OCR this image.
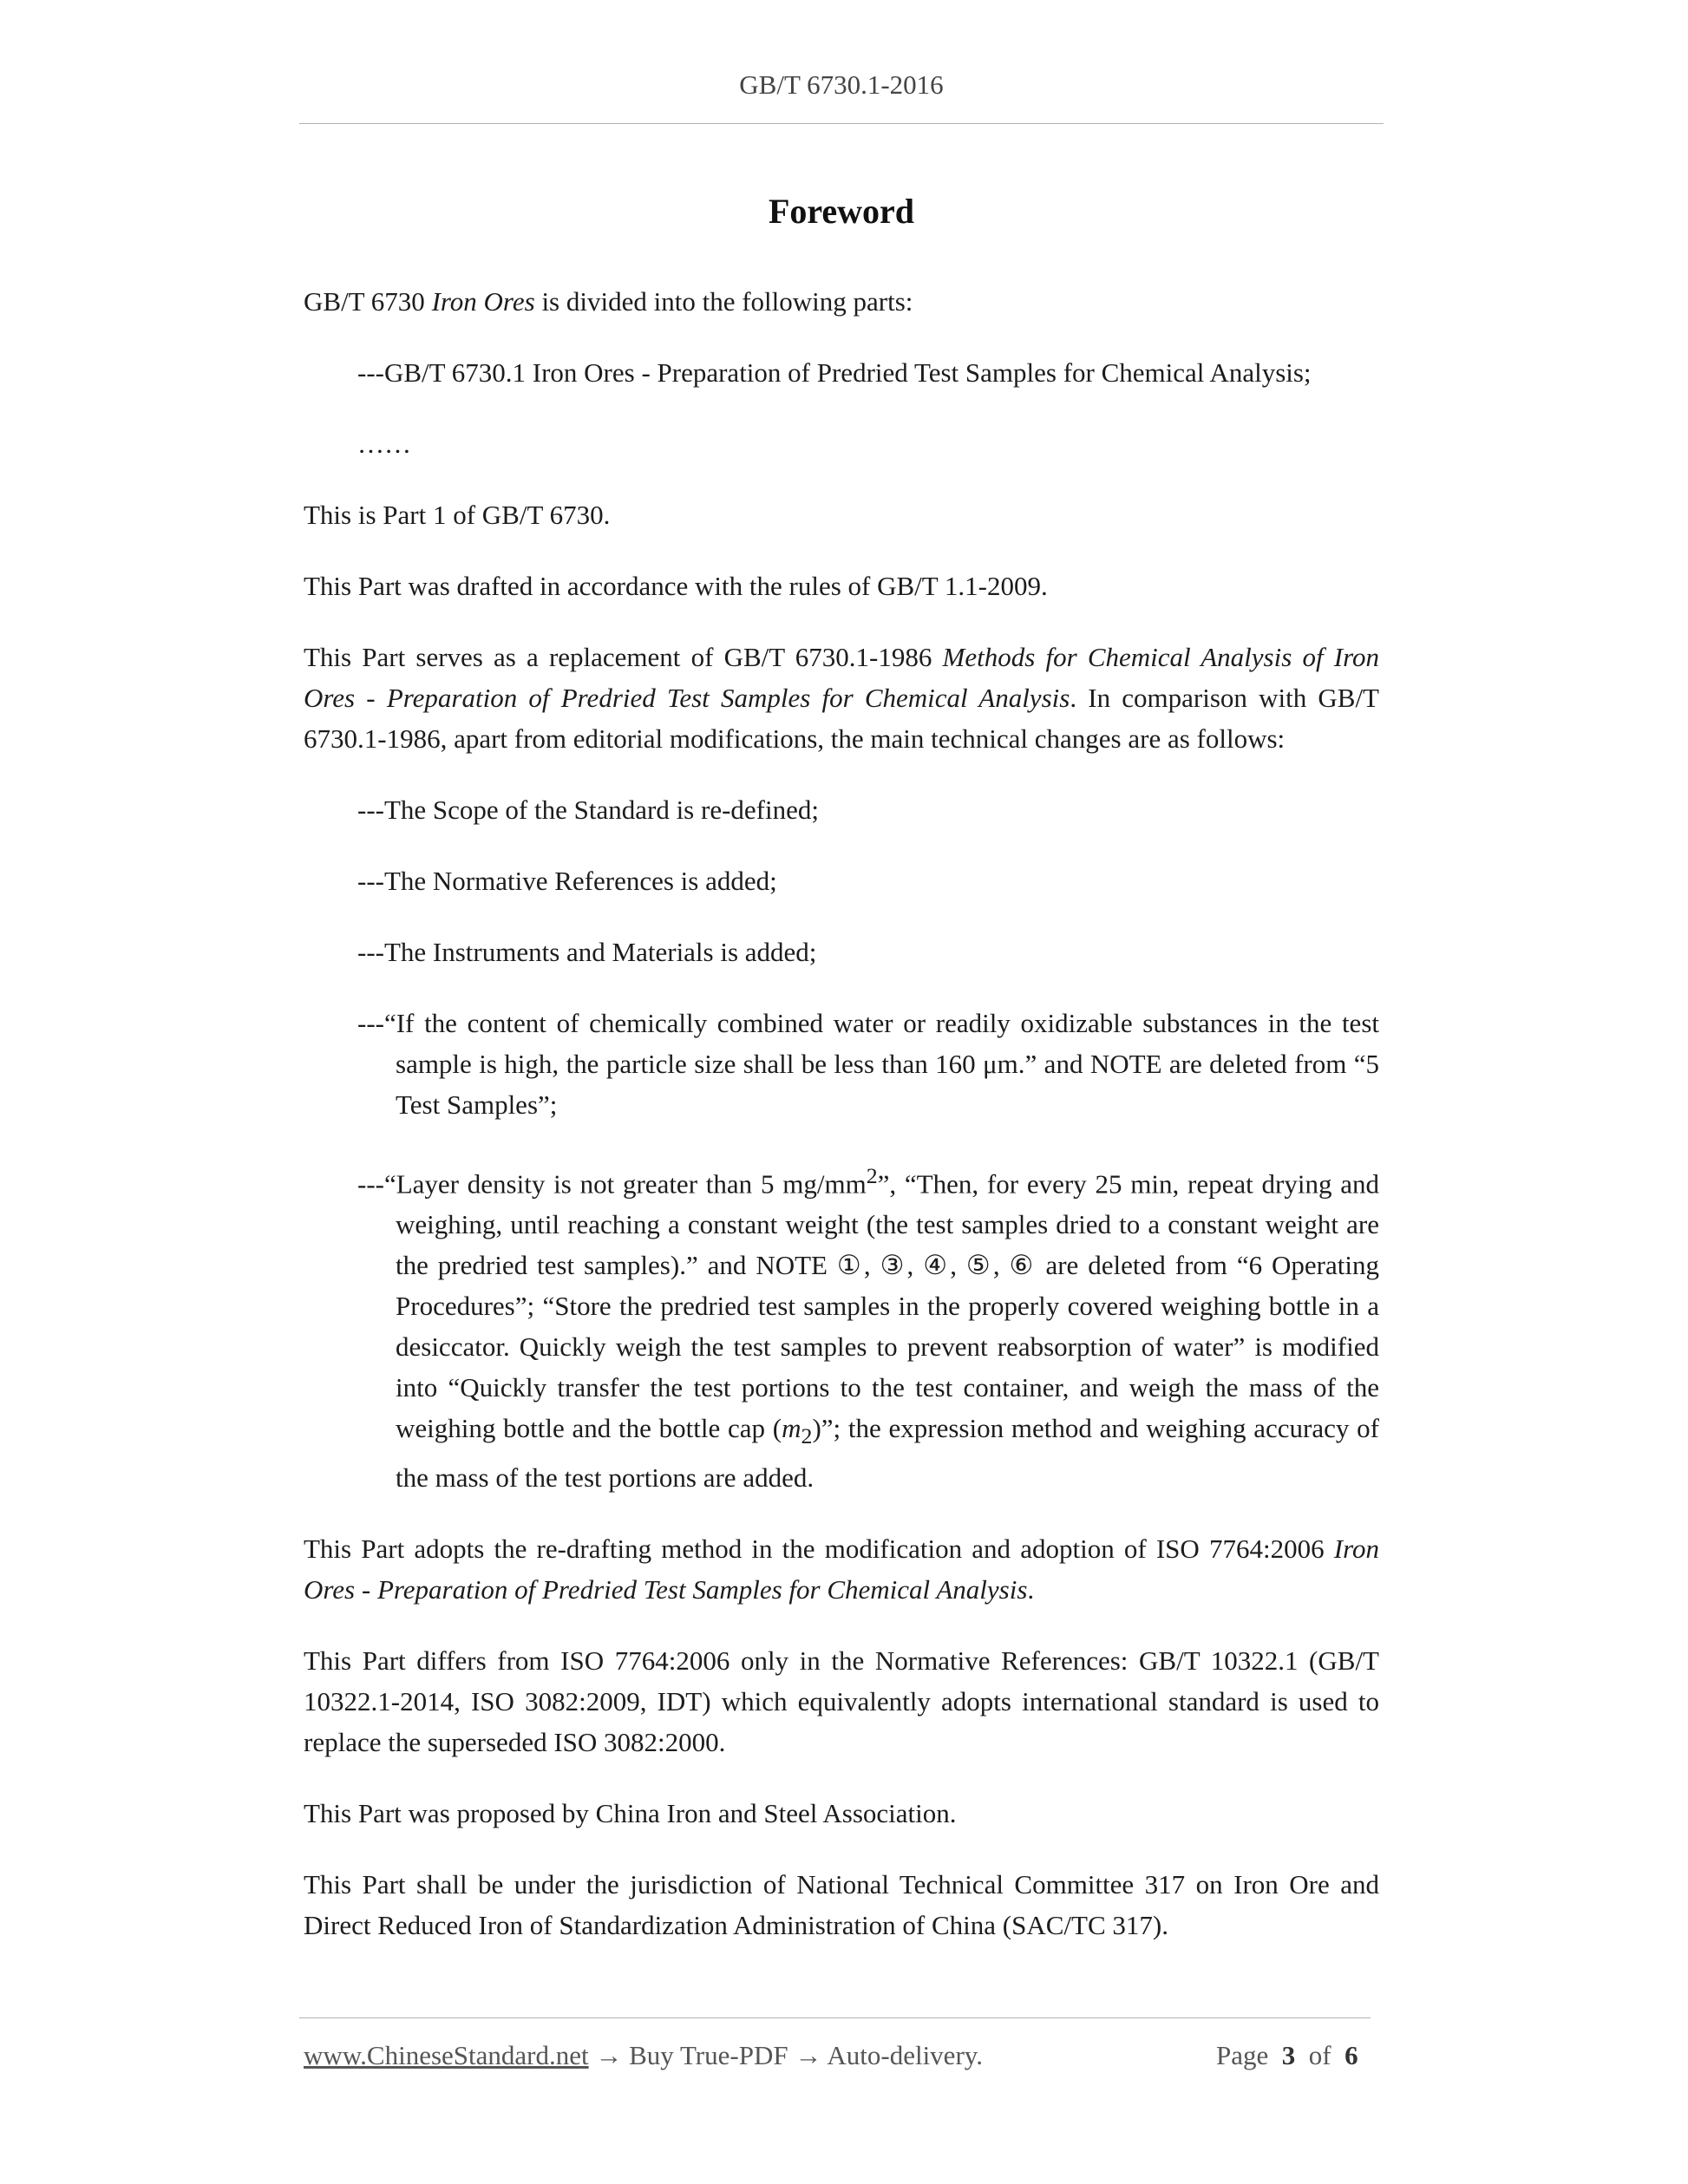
GB/T 6730.1-2016
Foreword

GB/T 6730 Iron Ores is divided into the following parts:

---GB/T 6730.1 Iron Ores - Preparation of Predried Test Samples for Chemical Analysis;

……

This is Part 1 of GB/T 6730.

This Part was drafted in accordance with the rules of GB/T 1.1-2009.

This Part serves as a replacement of GB/T 6730.1-1986 Methods for Chemical Analysis of Iron Ores - Preparation of Predried Test Samples for Chemical Analysis. In comparison with GB/T 6730.1-1986, apart from editorial modifications, the main technical changes are as follows:

---The Scope of the Standard is re-defined;

---The Normative References is added;

---The Instruments and Materials is added;

---“If the content of chemically combined water or readily oxidizable substances in the test sample is high, the particle size shall be less than 160 μm.” and NOTE are deleted from “5 Test Samples”;

---“Layer density is not greater than 5 $mg/mm^2$”, “Then, for every 25 min, repeat drying and weighing, until reaching a constant weight (the test samples dried to a constant weight are the predried test samples).” and NOTE ①, ③, ④, ⑤, ⑥ are deleted from “6 Operating Procedures”; “Store the predried test samples in the properly covered weighing bottle in a desiccator. Quickly weigh the test samples to prevent reabsorption of water” is modified into “Quickly transfer the test portions to the test container, and weigh the mass of the weighing bottle and the bottle cap $(m_2)$”; the expression method and weighing accuracy of the mass of the test portions are added.

This Part adopts the re-drafting method in the modification and adoption of ISO 7764:2006 Iron Ores - Preparation of Predried Test Samples for Chemical Analysis.

This Part differs from ISO 7764:2006 only in the Normative References: GB/T 10322.1 (GB/T 10322.1-2014, ISO 3082:2009, IDT) which equivalently adopts international standard is used to replace the superseded ISO 3082:2000.

This Part was proposed by China Iron and Steel Association.

This Part shall be under the jurisdiction of National Technical Committee 317 on Iron Ore and Direct Reduced Iron of Standardization Administration of China (SAC/TC 317).

www.ChineseStandard.net → Buy True-PDF → Auto-delivery.	Page 3 of 6
